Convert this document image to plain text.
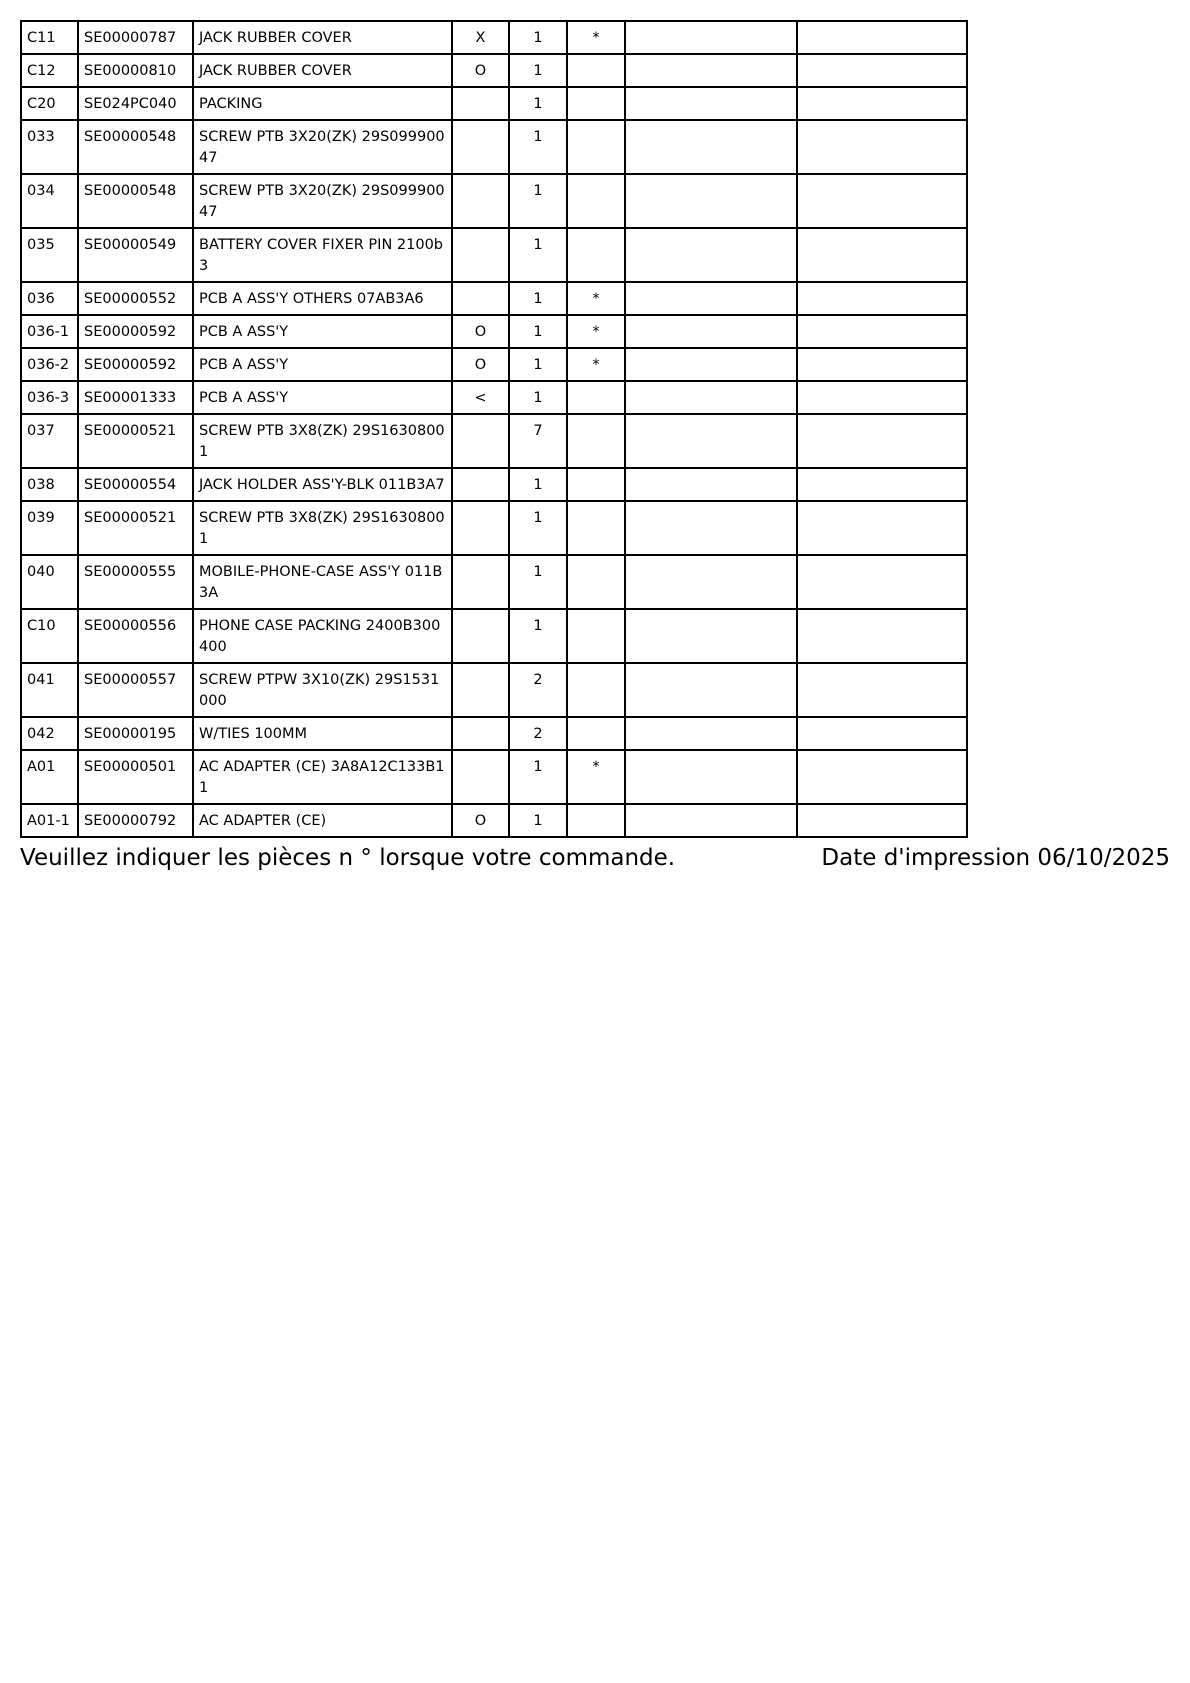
C11	SE00000787	JACK RUBBER COVER	X	1	*		
C12	SE00000810	JACK RUBBER COVER	O	1			
C20	SE024PC040	PACKING		1			
033	SE00000548	SCREW PTB 3X20(ZK) 29S09990047		1			
034	SE00000548	SCREW PTB 3X20(ZK) 29S09990047		1			
035	SE00000549	BATTERY COVER FIXER PIN 2100b3		1			
036	SE00000552	PCB A ASS'Y OTHERS 07AB3A6		1	*		
036-1	SE00000592	PCB A ASS'Y	O	1	*		
036-2	SE00000592	PCB A ASS'Y	O	1	*		
036-3	SE00001333	PCB A ASS'Y	<	1			
037	SE00000521	SCREW PTB 3X8(ZK) 29S16308001		7			
038	SE00000554	JACK HOLDER ASS'Y-BLK 011B3A7		1			
039	SE00000521	SCREW PTB 3X8(ZK) 29S16308001		1			
040	SE00000555	MOBILE-PHONE-CASE ASS'Y 011B3A		1			
C10	SE00000556	PHONE CASE PACKING 2400B300400		1			
041	SE00000557	SCREW PTPW 3X10(ZK) 29S1531000		2			
042	SE00000195	W/TIES 100MM		2			
A01	SE00000501	AC ADAPTER (CE) 3A8A12C133B11		1	*		
A01-1	SE00000792	AC ADAPTER (CE)	O	1			
Veuillez indiquer les pièces n ° lorsque votre commande.	Date d'impression 06/10/2025
